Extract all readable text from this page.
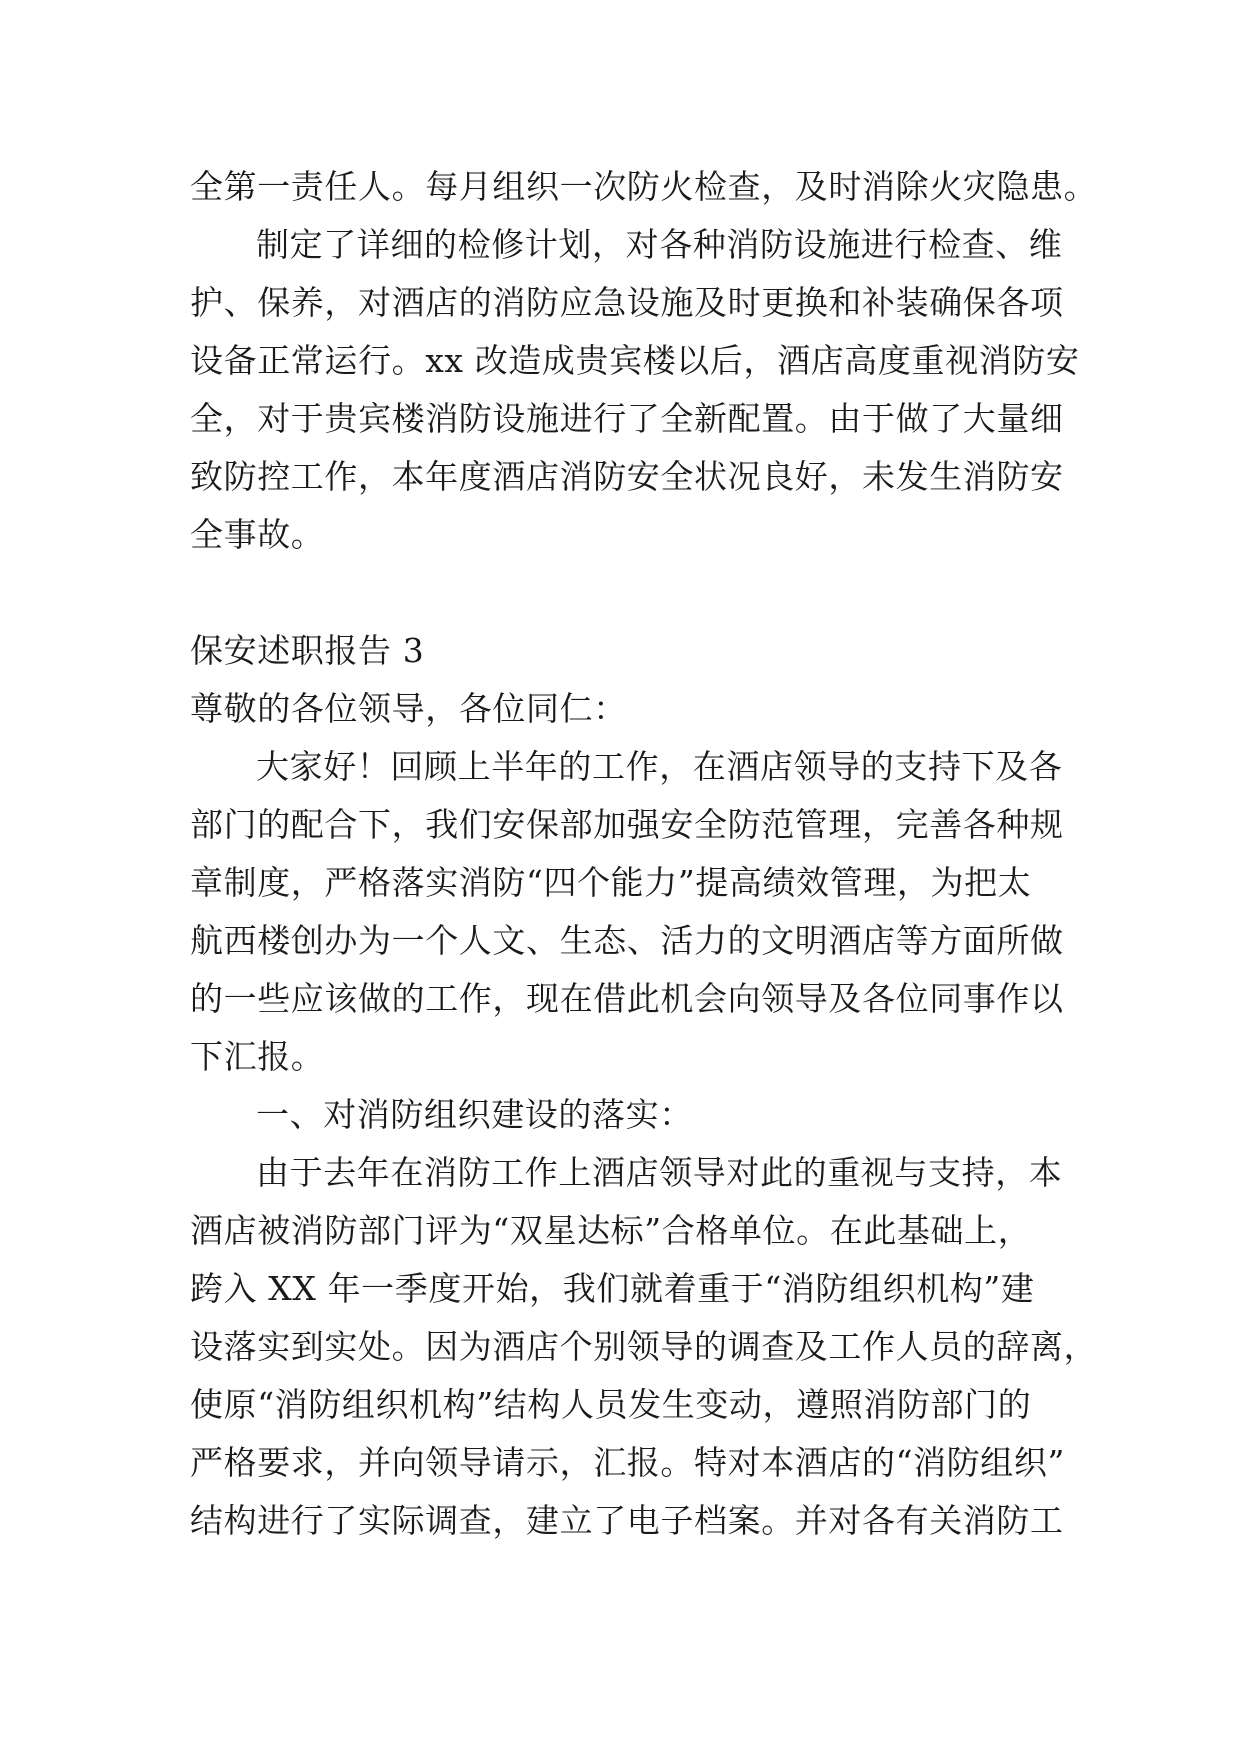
全第一责任人。每月组织一次防火检查，及时消除火灾隐患。

制定了详细的检修计划，对各种消防设施进行检查、维

护、保养，对酒店的消防应急设施及时更换和补装确保各项

设备正常运行。xx 改造成贵宾楼以后，酒店高度重视消防安

全，对于贵宾楼消防设施进行了全新配置。由于做了大量细

致防控工作，本年度酒店消防安全状况良好，未发生消防安

全事故。

保安述职报告 3

尊敬的各位领导，各位同仁：

大家好！回顾上半年的工作，在酒店领导的支持下及各

部门的配合下，我们安保部加强安全防范管理，完善各种规

章制度，严格落实消防“四个能力”提高绩效管理，为把太

航西楼创办为一个人文、生态、活力的文明酒店等方面所做

的一些应该做的工作，现在借此机会向领导及各位同事作以

下汇报。

一、对消防组织建设的落实：

由于去年在消防工作上酒店领导对此的重视与支持，本

酒店被消防部门评为“双星达标”合格单位。在此基础上，

跨入 XX 年一季度开始，我们就着重于“消防组织机构”建

设落实到实处。因为酒店个别领导的调查及工作人员的辞离，

使原“消防组织机构”结构人员发生变动，遵照消防部门的

严格要求，并向领导请示，汇报。特对本酒店的“消防组织”

结构进行了实际调查，建立了电子档案。并对各有关消防工
